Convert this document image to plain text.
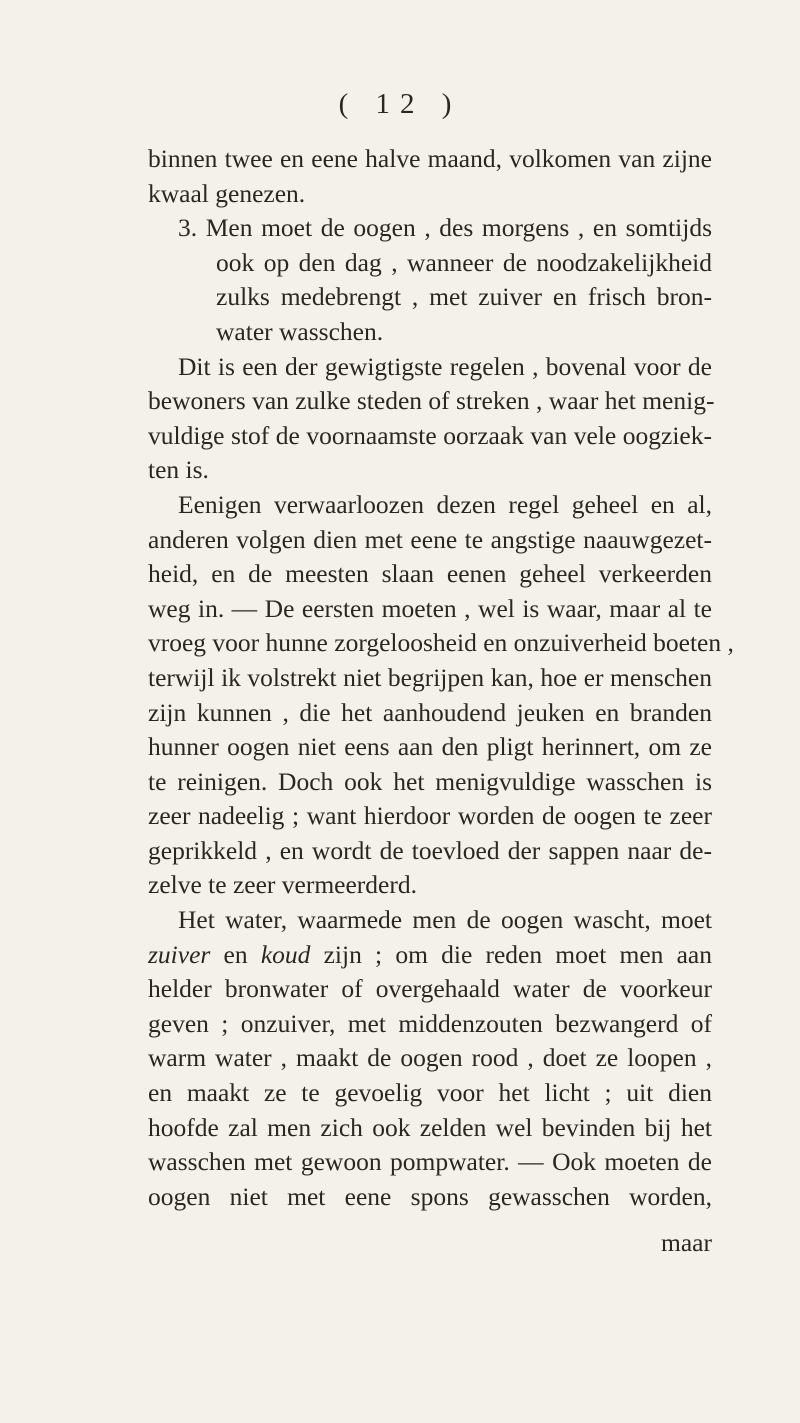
( 12 )
binnen twee en eene halve maand, volkomen van zijne
kwaal genezen.
3. Men moet de oogen , des morgens , en somtijds
ook op den dag , wanneer de noodzakelijkheid
zulks medebrengt , met zuiver en frisch bron-
water wasschen.
Dit is een der gewigtigste regelen , bovenal voor de
bewoners van zulke steden of streken , waar het menig-
vuldige stof de voornaamste oorzaak van vele oogziek-
ten is.
Eenigen verwaarloozen dezen regel geheel en al,
anderen volgen dien met eene te angstige naauwgezet-
heid, en de meesten slaan eenen geheel verkeerden
weg in. — De eersten moeten , wel is waar, maar al te
vroeg voor hunne zorgeloosheid en onzuiverheid boeten ,
terwijl ik volstrekt niet begrijpen kan, hoe er menschen
zijn kunnen , die het aanhoudend jeuken en branden
hunner oogen niet eens aan den pligt herinnert, om ze
te reinigen. Doch ook het menigvuldige wasschen is
zeer nadeelig ; want hierdoor worden de oogen te zeer
geprikkeld , en wordt de toevloed der sappen naar de-
zelve te zeer vermeerderd.
Het water, waarmede men de oogen wascht, moet
zuiver en koud zijn ; om die reden moet men aan
helder bronwater of overgehaald water de voorkeur
geven ; onzuiver, met middenzouten bezwangerd of
warm water , maakt de oogen rood , doet ze loopen ,
en maakt ze te gevoelig voor het licht ; uit dien
hoofde zal men zich ook zelden wel bevinden bij het
wasschen met gewoon pompwater. — Ook moeten de
oogen niet met eene spons gewasschen worden,
maar
